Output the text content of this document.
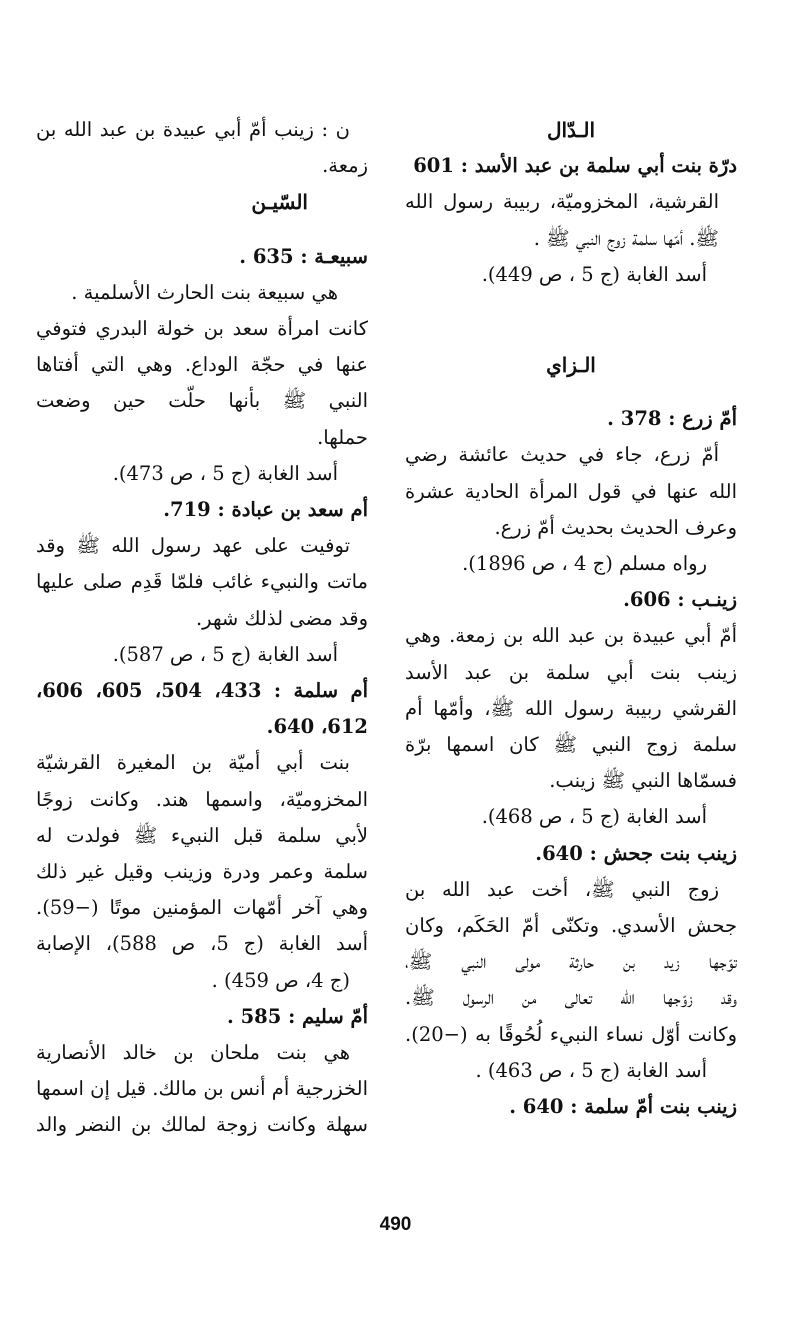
الـدّال
درّة بنت أبي سلمة بن عبد الأسد : 601
القرشية، المخزوميّة، ربيبة رسول الله
ﷺ. أمّها سلمة زوج النبي ﷺ .
أسد الغابة (ج 5 ، ص 449).
الـزاي
أمّ زرع : 378 .
أمّ زرع، جاء في حديث عائشة رضي
الله عنها في قول المرأة الحادية عشرة
وعرف الحديث بحديث أمّ زرع.
رواه مسلم (ج 4 ، ص 1896).
زينـب : 606.
أمّ أبي عبيدة بن عبد الله بن زمعة. وهي
زينب بنت أبي سلمة بن عبد الأسد
القرشي ربيبة رسول الله ﷺ، وأمّها أم
سلمة زوج النبي ﷺ كان اسمها برّة
فسمّاها النبي ﷺ زينب.
أسد الغابة (ج 5 ، ص 468).
زينب بنت جحش : 640.
زوج النبي ﷺ، أخت عبد الله بن
جحش الأسدي. وتكنّى أمّ الحَكَم، وكان
توّجها زيد بن حارثة مولى النبي ﷺ،
وقد زوّجها الله تعالى من الرسول ﷺ.
وكانت أوّل نساء النبيء لُحُوقًا به (−20).
أسد الغابة (ج 5 ، ص 463) .
زينب بنت أمّ سلمة : 640 .
ن : زينب أمّ أبي عبيدة بن عبد الله بن
زمعة.
السّيـن
سبيعـة : 635 .
هي سبيعة بنت الحارث الأسلمية .
كانت امرأة سعد بن خولة البدري فتوفي
عنها في حجّة الوداع. وهي التي أفتاها
النبي ﷺ بأنها حلّت حين وضعت
حملها.
أسد الغابة (ج 5 ، ص 473).
أم سعد بن عبادة : 719.
توفيت على عهد رسول الله ﷺ وقد
ماتت والنبيء غائب فلمّا قَدِم صلى عليها
وقد مضى لذلك شهر.
أسد الغابة (ج 5 ، ص 587).
أم سلمة : 433، 504، 605، 606،
612، 640.
بنت أبي أميّة بن المغيرة القرشيّة
المخزوميّة، واسمها هند. وكانت زوجًا
لأبي سلمة قبل النبيء ﷺ فولدت له
سلمة وعمر ودرة وزينب وقيل غير ذلك
وهي آخر أمّهات المؤمنين موتًا (−59).
أسد الغابة (ج 5، ص 588)، الإصابة
(ج 4، ص 459) .
أمّ سليم : 585 .
هي بنت ملحان بن خالد الأنصارية
الخزرجية أم أنس بن مالك. قيل إن اسمها
سهلة وكانت زوجة لمالك بن النضر والد
490
